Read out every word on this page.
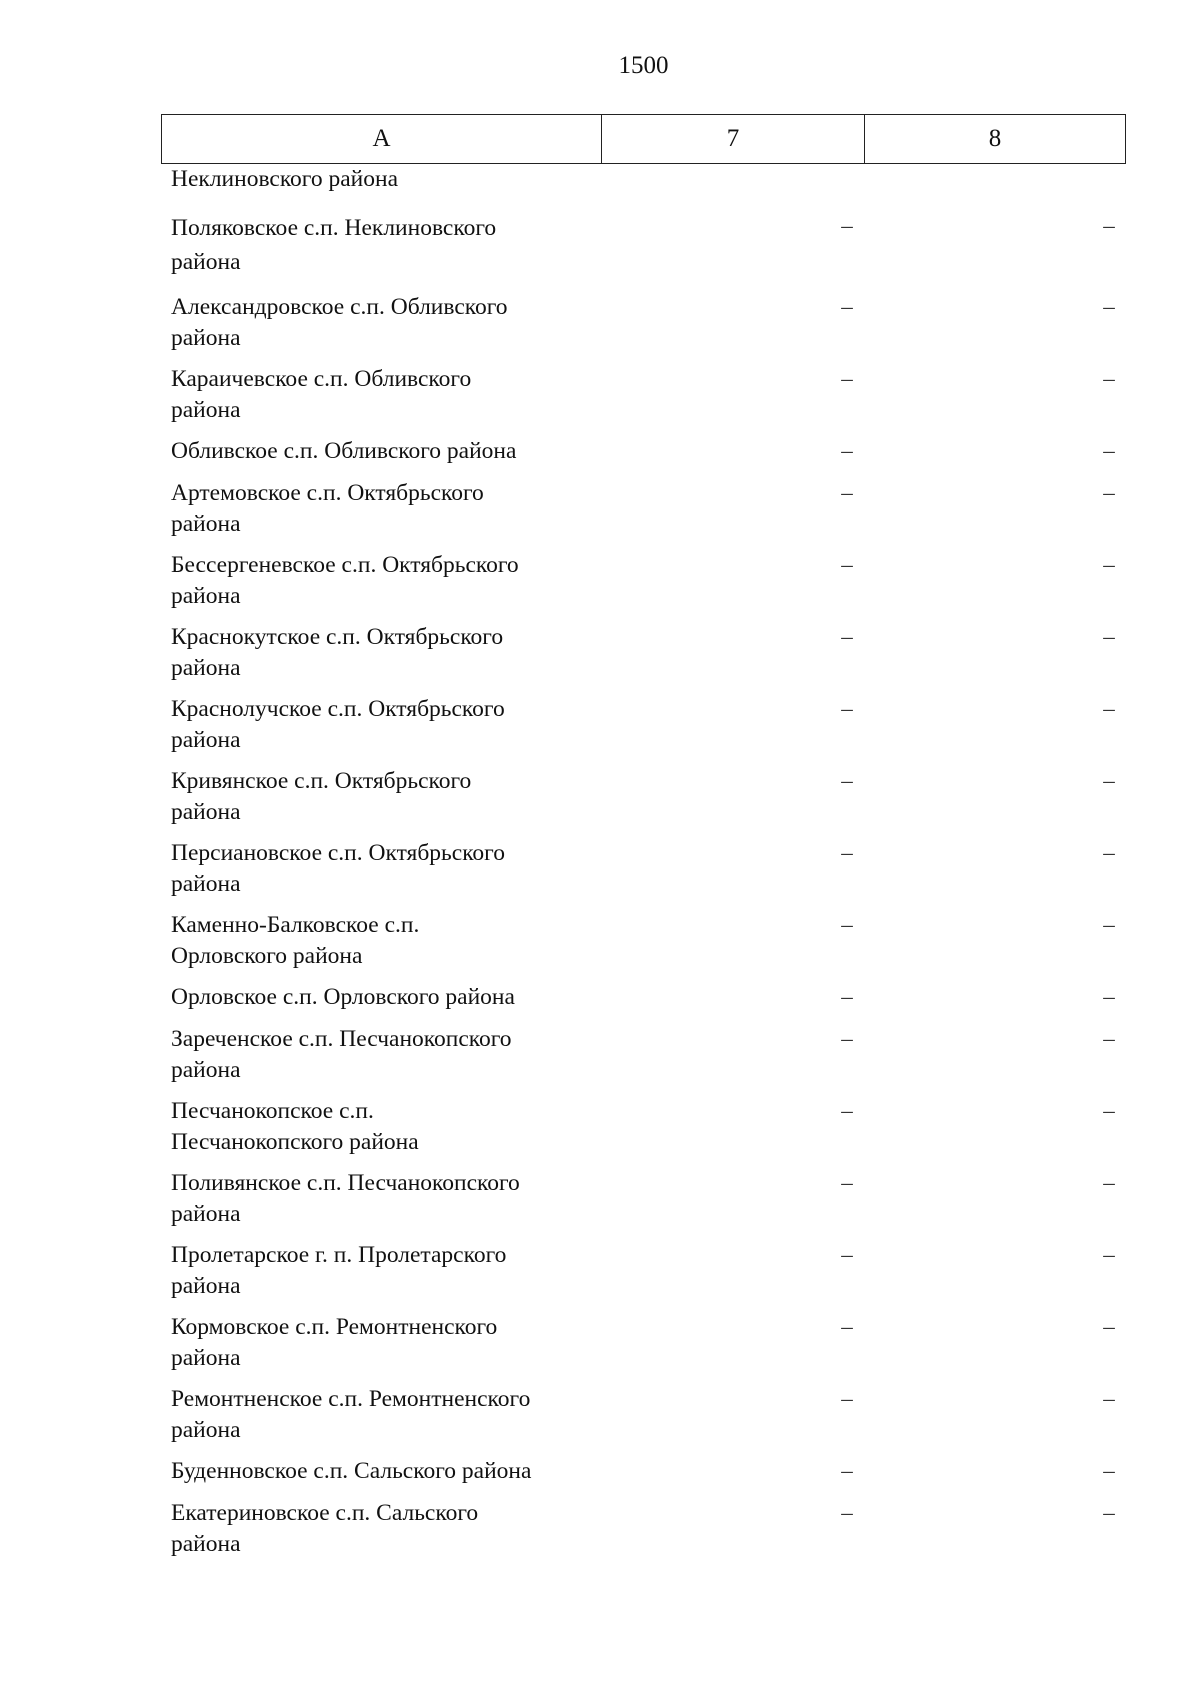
1500
А	7	8
Неклиновского района
Поляковское с.п. Неклиновского
района
–	–
Александровское с.п. Обливского
района
–	–
Караичевское с.п. Обливского
района
–	–
Обливское с.п. Обливского района	–	–
Артемовское с.п. Октябрьского
района
–	–
Бессергеневское с.п. Октябрьского
района
–	–
Краснокутское с.п. Октябрьского
района
–	–
Краснолучское с.п. Октябрьского
района
–	–
Кривянское с.п. Октябрьского
района
–	–
Персиановское с.п. Октябрьского
района
–	–
Каменно-Балковское с.п.
Орловского района
–	–
Орловское с.п. Орловского района	–	–
Зареченское с.п. Песчанокопского
района
–	–
Песчанокопское с.п.
Песчанокопского района
–	–
Поливянское с.п. Песчанокопского
района
–	–
Пролетарское г. п. Пролетарского
района
–	–
Кормовское с.п. Ремонтненского
района
–	–
Ремонтненское с.п. Ремонтненского
района
–	–
Буденновское с.п. Сальского района	–	–
Екатериновское с.п. Сальского
района
–	–
